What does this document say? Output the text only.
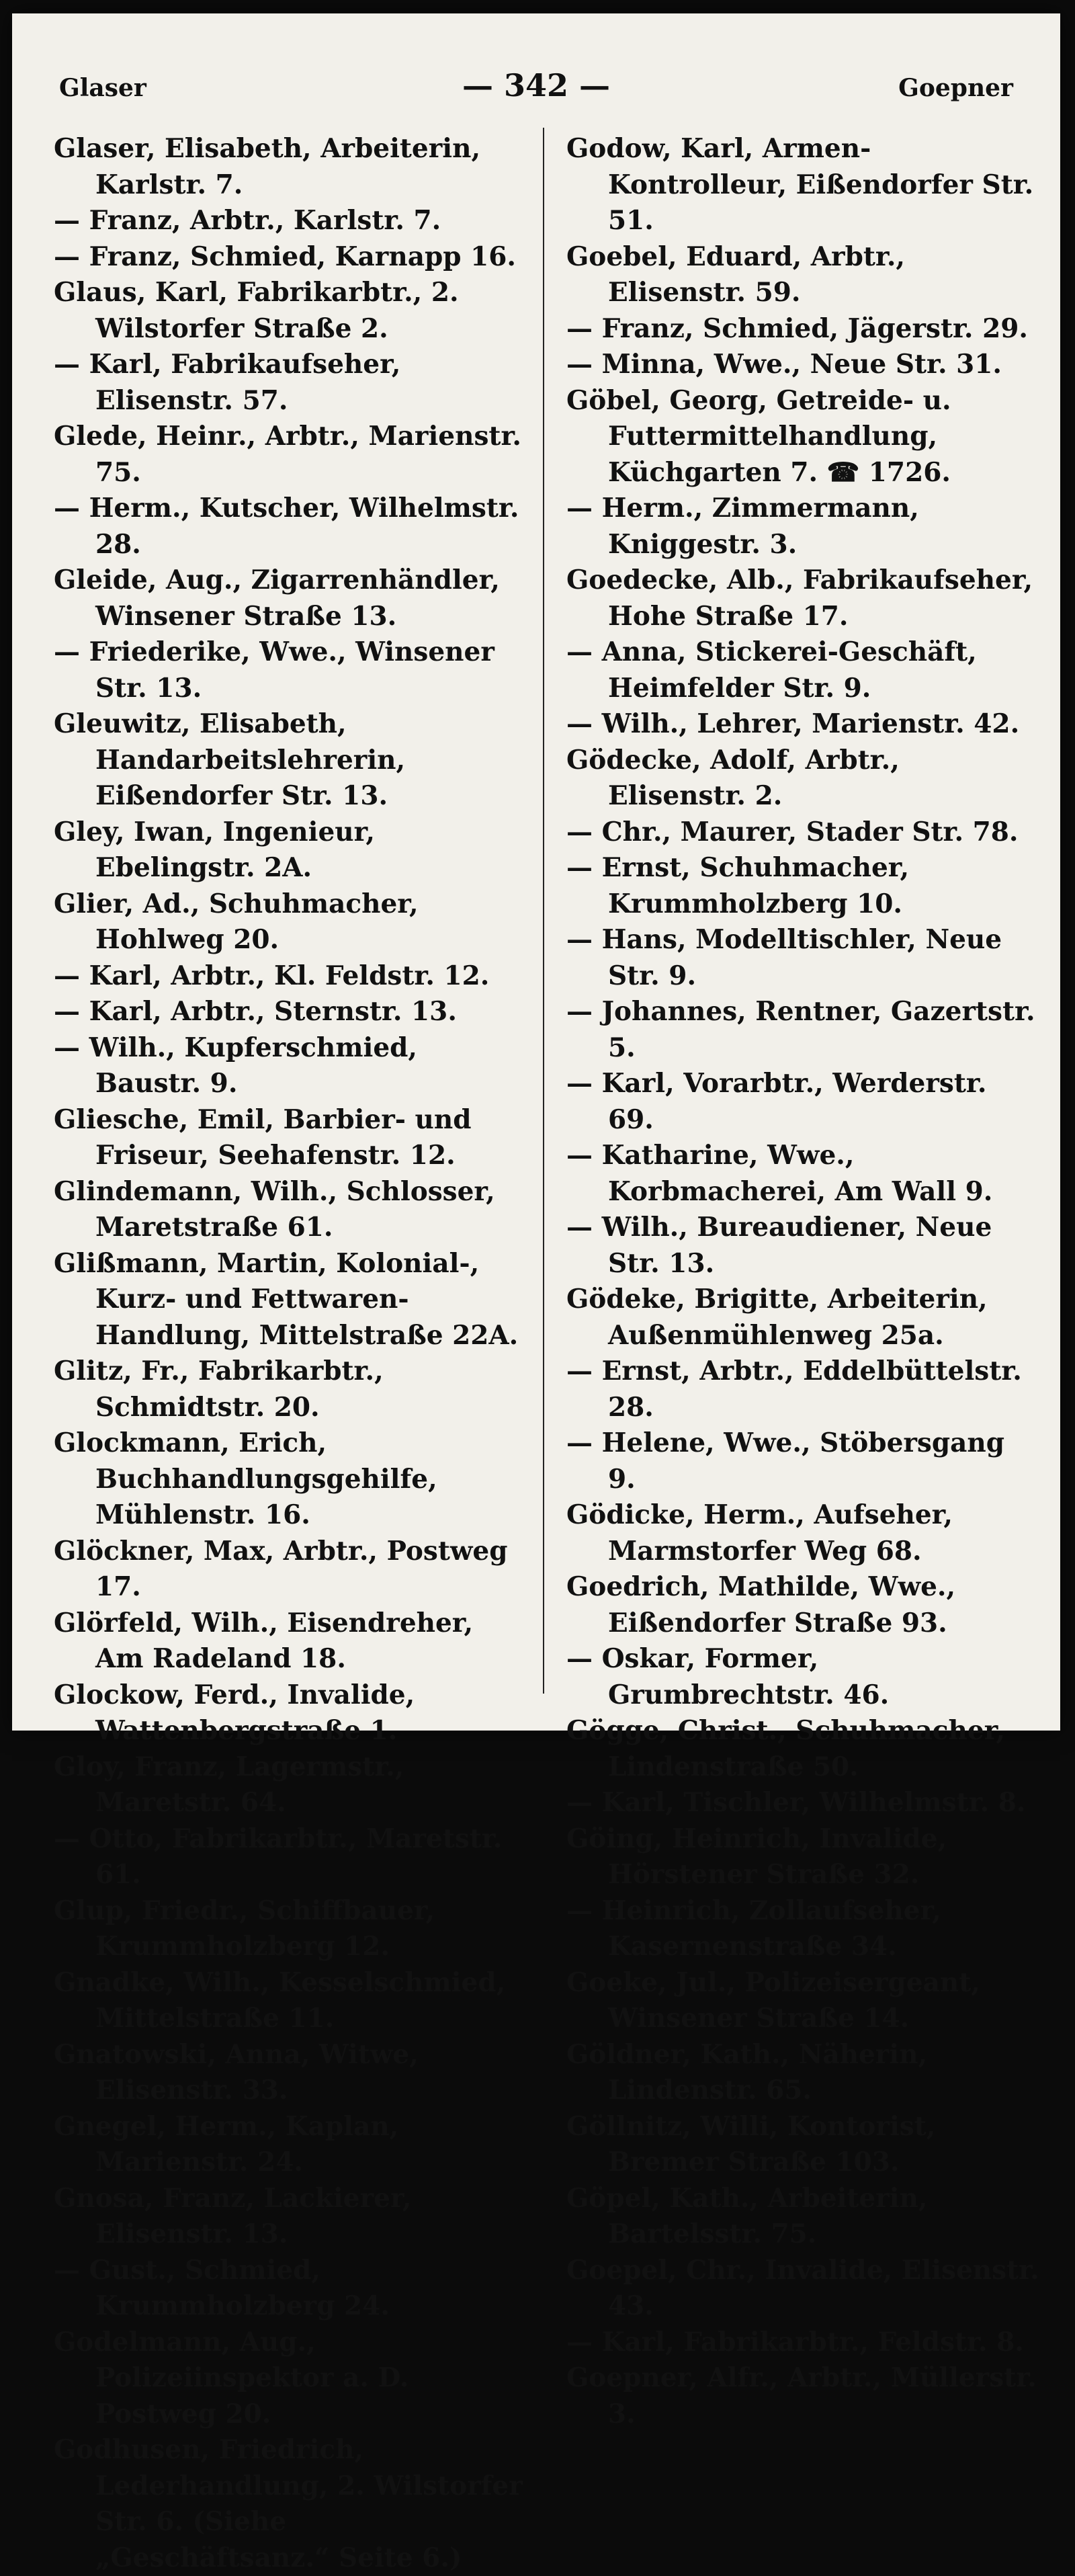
Glaser	— 342 —	Goepner

Glaser, Elisabeth, Arbeiterin, Karlstr. 7.

— Franz, Arbtr., Karlstr. 7.

— Franz, Schmied, Karnapp 16.

Glaus, Karl, Fabrikarbtr., 2. Wilstorfer Straße 2.

— Karl, Fabrikaufseher, Elisenstr. 57.

Glede, Heinr., Arbtr., Marienstr. 75.

— Herm., Kutscher, Wilhelmstr. 28.

Gleide, Aug., Zigarrenhändler, Winsener Straße 13.

— Friederike, Wwe., Winsener Str. 13.

Gleuwitz, Elisabeth, Handarbeitslehrerin, Eißendorfer Str. 13.

Gley, Iwan, Ingenieur, Ebelingstr. 2A.

Glier, Ad., Schuhmacher, Hohlweg 20.

— Karl, Arbtr., Kl. Feldstr. 12.

— Karl, Arbtr., Sternstr. 13.

— Wilh., Kupferschmied, Baustr. 9.

Gliesche, Emil, Barbier- und Friseur, Seehafenstr. 12.

Glindemann, Wilh., Schlosser, Maretstraße 61.

Glißmann, Martin, Kolonial-, Kurz- und Fettwaren-Handlung, Mittelstraße 22A.

Glitz, Fr., Fabrikarbtr., Schmidtstr. 20.

Glockmann, Erich, Buchhandlungsgehilfe, Mühlenstr. 16.

Glöckner, Max, Arbtr., Postweg 17.

Glörfeld, Wilh., Eisendreher, Am Radeland 18.

Glockow, Ferd., Invalide, Wattenbergstraße 1.

Gloy, Franz, Lagermstr., Maretstr. 64.

— Otto, Fabrikarbtr., Maretstr. 61.

Glup, Friedr., Schiffbauer, Krummholzberg 12.

Gnadke, Wilh., Kesselschmied, Mittelstraße 11.

Gnatowski, Anna, Witwe, Elisenstr. 33.

Gnegel, Herm., Kaplan, Marienstr. 24.

Gnosa, Franz, Lackierer, Elisenstr. 13.

— Gust., Schmied, Krummholzberg 24.

Godelmann, Aug., Polizeiinspektor a. D. Postweg 20.

Godhusen, Friedrich, Lederhandlung, 2. Wilstorfer Str. 6. (Siehe „Geschäftsanz.“ Seite 6.)

Godow, Karl, Armen-Kontrolleur, Eißendorfer Str. 51.

Goebel, Eduard, Arbtr., Elisenstr. 59.

— Franz, Schmied, Jägerstr. 29.

— Minna, Wwe., Neue Str. 31.

Göbel, Georg, Getreide- u. Futtermittelhandlung, Küchgarten 7. ☎ 1726.

— Herm., Zimmermann, Kniggestr. 3.

Goedecke, Alb., Fabrikaufseher, Hohe Straße 17.

— Anna, Stickerei-Geschäft, Heimfelder Str. 9.

— Wilh., Lehrer, Marienstr. 42.

Gödecke, Adolf, Arbtr., Elisenstr. 2.

— Chr., Maurer, Stader Str. 78.

— Ernst, Schuhmacher, Krummholzberg 10.

— Hans, Modelltischler, Neue Str. 9.

— Johannes, Rentner, Gazertstr. 5.

— Karl, Vorarbtr., Werderstr. 69.

— Katharine, Wwe., Korbmacherei, Am Wall 9.

— Wilh., Bureaudiener, Neue Str. 13.

Gödeke, Brigitte, Arbeiterin, Außenmühlenweg 25a.

— Ernst, Arbtr., Eddelbüttelstr. 28.

— Helene, Wwe., Stöbersgang 9.

Gödicke, Herm., Aufseher, Marmstorfer Weg 68.

Goedrich, Mathilde, Wwe., Eißendorfer Straße 93.

— Oskar, Former, Grumbrechtstr. 46.

Gögge, Christ., Schuhmacher, Lindenstraße 50.

— Karl, Tischler, Wilhelmstr. 8.

Göing, Heinrich, Invalide, Hörstener Straße 32.

— Heinrich, Zollaufseher, Kasernenstraße 34.

Goeke, Jul., Polizeisergeant, Winsener Straße 14.

Göldner, Kath., Näherin, Lindenstr. 65.

Göllnitz, Willi, Kontorist, Bremer Straße 103.

Göpel, Kath., Arbeiterin, Bartelsstr. 75.

Goepel, Chr., Invalide, Elisenstr. 43.

— Karl, Fabrikarbtr., Feldstr. 8.

Goepner, Alfr., Arbtr., Müllerstr. 3.
